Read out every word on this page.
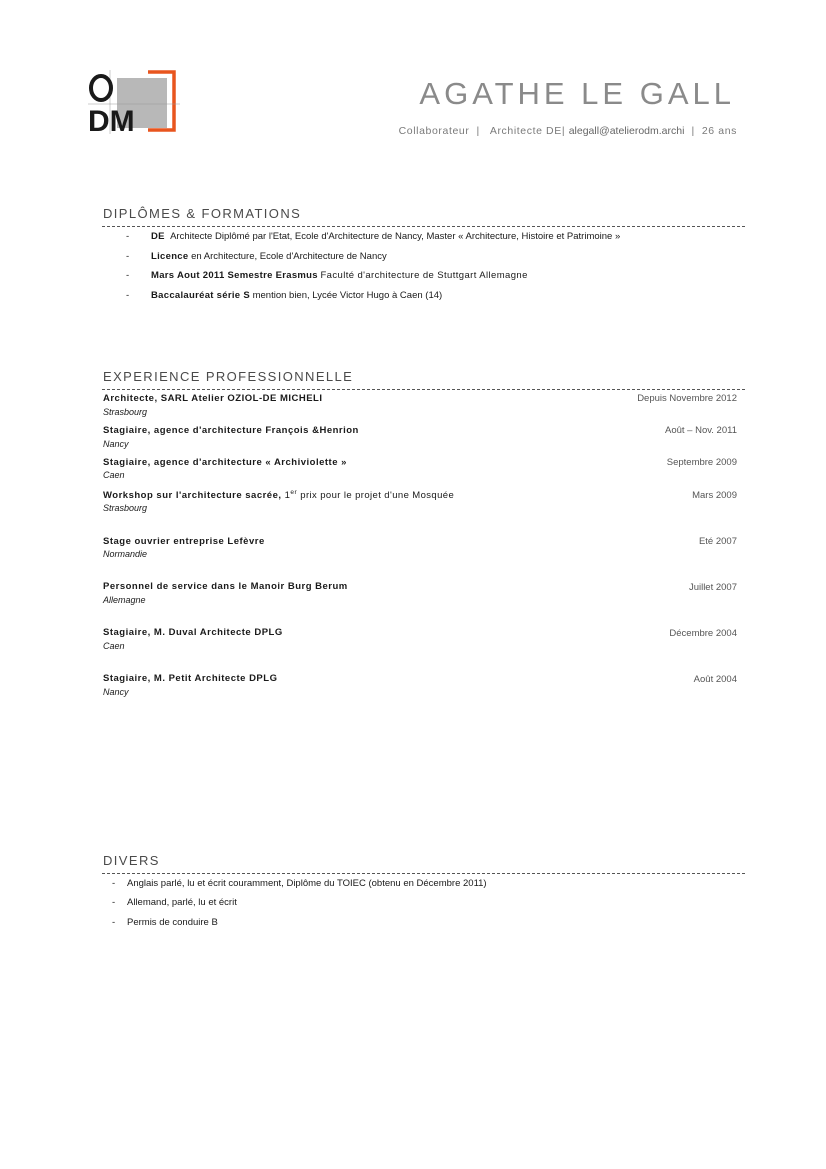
DM
AGATHE LE GALL
Collaborateur  |   Architecte DE| alegall@atelierodm.archi  |  26 ans
DIPLÔMES & FORMATIONS
- DE Architecte Diplômé par l'Etat, Ecole d'Architecture de Nancy, Master « Architecture, Histoire et Patrimoine »
- Licence en Architecture, Ecole d'Architecture de Nancy
- Mars Aout 2011 Semestre Erasmus Faculté d'architecture de Stuttgart Allemagne
- Baccalauréat série S mention bien, Lycée Victor Hugo à Caen (14)
EXPERIENCE PROFESSIONNELLE
Architecte, SARL Atelier OZIOL-DE MICHELI
Strasbourg
Depuis Novembre 2012
Stagiaire, agence d'architecture François &Henrion
Nancy
Août – Nov. 2011
Stagiaire, agence d'architecture « Archiviolette »
Caen
Septembre 2009
Workshop sur l'architecture sacrée, 1er prix pour le projet d'une Mosquée
Strasbourg
Mars 2009
Stage ouvrier entreprise Lefèvre
Normandie
Eté 2007
Personnel de service dans le Manoir Burg Berum
Allemagne
Juillet 2007
Stagiaire, M. Duval Architecte DPLG
Caen
Décembre 2004
Stagiaire, M. Petit Architecte DPLG
Nancy
Août 2004
DIVERS
- Anglais parlé, lu et écrit couramment, Diplôme du TOIEC (obtenu en Décembre 2011)
- Allemand, parlé, lu et écrit
- Permis de conduire B
